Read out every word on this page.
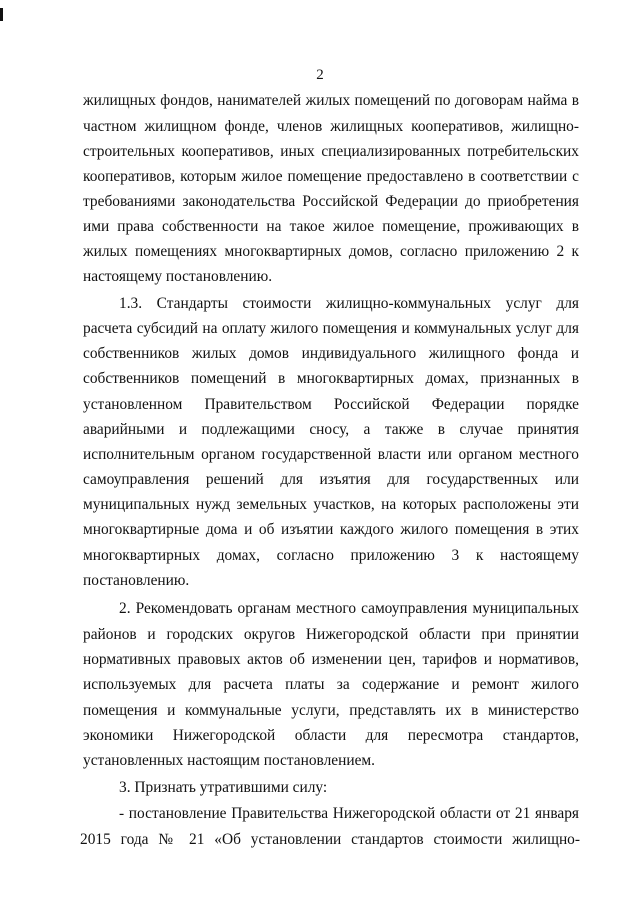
2
жилищных фондов, нанимателей жилых помещений по договорам найма в
частном жилищном фонде, членов жилищных кооперативов, жилищно-
строительных кооперативов, иных специализированных потребительских
кооперативов, которым жилое помещение предоставлено в соответствии с
требованиями законодательства Российской Федерации до приобретения
ими права собственности на такое жилое помещение, проживающих в
жилых помещениях многоквартирных домов, согласно приложению 2 к
настоящему постановлению.
1.3. Стандарты стоимости жилищно-коммунальных услуг для
расчета субсидий на оплату жилого помещения и коммунальных услуг для
собственников жилых домов индивидуального жилищного фонда и
собственников помещений в многоквартирных домах, признанных в
установленном Правительством Российской Федерации порядке
аварийными и подлежащими сносу, а также в случае принятия
исполнительным органом государственной власти или органом местного
самоуправления решений для изъятия для государственных или
муниципальных нужд земельных участков, на которых расположены эти
многоквартирные дома и об изъятии каждого жилого помещения в этих
многоквартирных домах, согласно приложению 3 к настоящему
постановлению.
2. Рекомендовать органам местного самоуправления муниципальных
районов и городских округов Нижегородской области при принятии
нормативных правовых актов об изменении цен, тарифов и нормативов,
используемых для расчета платы за содержание и ремонт жилого
помещения и коммунальные услуги, представлять их в министерство
экономики Нижегородской области для пересмотра стандартов,
установленных настоящим постановлением.
3. Признать утратившими силу:
- постановление Правительства Нижегородской области от 21 января
2015 года № 21 «Об установлении стандартов стоимости жилищно-
